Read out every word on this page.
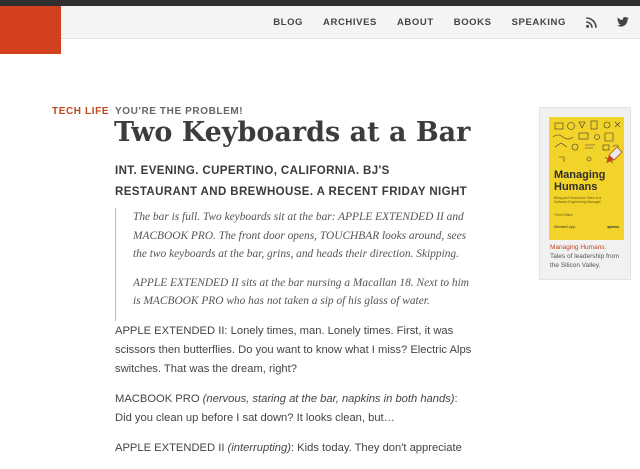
BLOG ARCHIVES ABOUT BOOKS SPEAKING
TECH LIFE YOU'RE THE PROBLEM!
Two Keyboards at a Bar

INT. EVENING. CUPERTINO, CALIFORNIA. BJ'S RESTAURANT AND BREWHOUSE. A RECENT FRIDAY NIGHT

The bar is full. Two keyboards sit at the bar: APPLE EXTENDED II and MACBOOK PRO. The front door opens, TOUCHBAR looks around, sees the two keyboards at the bar, grins, and heads their direction. Skipping.

APPLE EXTENDED II sits at the bar nursing a Macallan 18. Next to him is MACBOOK PRO who has not taken a sip of his glass of water.

APPLE EXTENDED II: Lonely times, man. Lonely times. First, it was scissors then butterflies. Do you want to know what I miss? Electric Alps switches. That was the dream, right?

MACBOOK PRO (nervous, staring at the bar, napkins in both hands): Did you clean up before I sat down? It looks clean, but…

APPLE EXTENDED II (interrupting): Kids today. They don't appreciate

Managing
Humans
Biting and Humorous Tales of a Software Engineering Manager
Third Edition
Michael Lopp	apress
Managing Humans:
Tales of leadership from the Silicon Valley.
